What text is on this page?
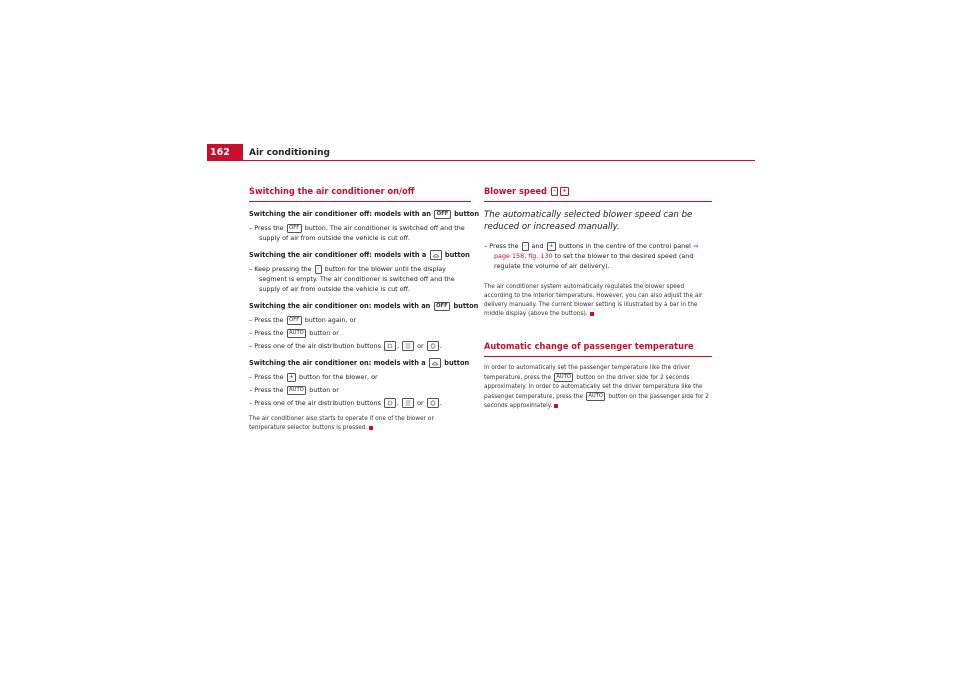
162	Air conditioning
Switching the air conditioner on/off
Switching the air conditioner off: models with an OFF button
– Press the OFF button. The air conditioner is switched off and the supply of air from outside the vehicle is cut off.
Switching the air conditioner off: models with a	button
– Keep pressing the - button for the blower until the display segment is empty. The air conditioner is switched off and the supply of air from outside the vehicle is cut off.
Switching the air conditioner on: models with an OFF button
– Press the OFF button again, or
– Press the AUTO button or
– Press one of the air distribution buttons	,	or	.
Switching the air conditioner on: models with a	button
– Press the + button for the blower, or
– Press the AUTO button or
– Press one of the air distribution buttons	,	or	.

The air conditioner also starts to operate if one of the blower or temperature selector buttons is pressed.

Blower speed - +

The automatically selected blower speed can be reduced or increased manually.

– Press the - and + buttons in the centre of the control panel ⇒ page 158, fig. 130 to set the blower to the desired speed (and regulate the volume of air delivery).

The air conditioner system automatically regulates the blower speed according to the interior temperature. However, you can also adjust the air delivery manually. The current blower setting is illustrated by a bar in the middle display (above the buttons).

Automatic change of passenger temperature

In order to automatically set the passenger temperature like the driver temperature, press the AUTO button on the driver side for 2 seconds approximately. In order to automatically set the driver temperature like the passenger temperature, press the AUTO button on the passenger side for 2 seconds approximately.
